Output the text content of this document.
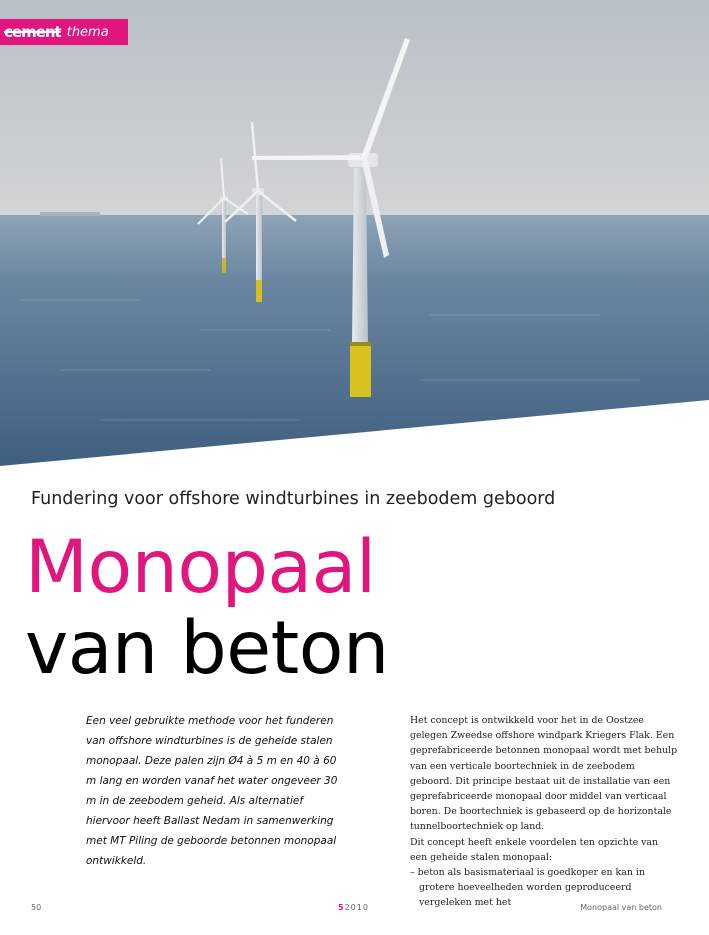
cement thema
Fundering voor offshore windturbines in zeebodem geboord
Monopaal
van beton

Een veel gebruikte methode voor het funderen van offshore windturbines is de geheide stalen monopaal. Deze palen zijn Ø4 à 5 m en 40 à 60 m lang en worden vanaf het water ongeveer 30 m in de zeebodem geheid. Als alternatief hiervoor heeft Ballast Nedam in samenwerking met MT Piling de geboorde betonnen monopaal ontwikkeld.

Het concept is ontwikkeld voor het in de Oostzee gelegen Zweedse offshore windpark Kriegers Flak. Een geprefabriceerde betonnen monopaal wordt met behulp van een verticale boortechniek in de zeebodem geboord. Dit principe bestaat uit de installatie van een geprefabriceerde monopaal door middel van verticaal boren. De boortechniek is gebaseerd op de horizontale tunnelboortechniek op land.

Dit concept heeft enkele voordelen ten opzichte van een geheide stalen monopaal:

– beton als basismateriaal is goedkoper en kan in grotere hoeveelheden worden geproduceerd vergeleken met het

50	52010	Monopaal van beton
